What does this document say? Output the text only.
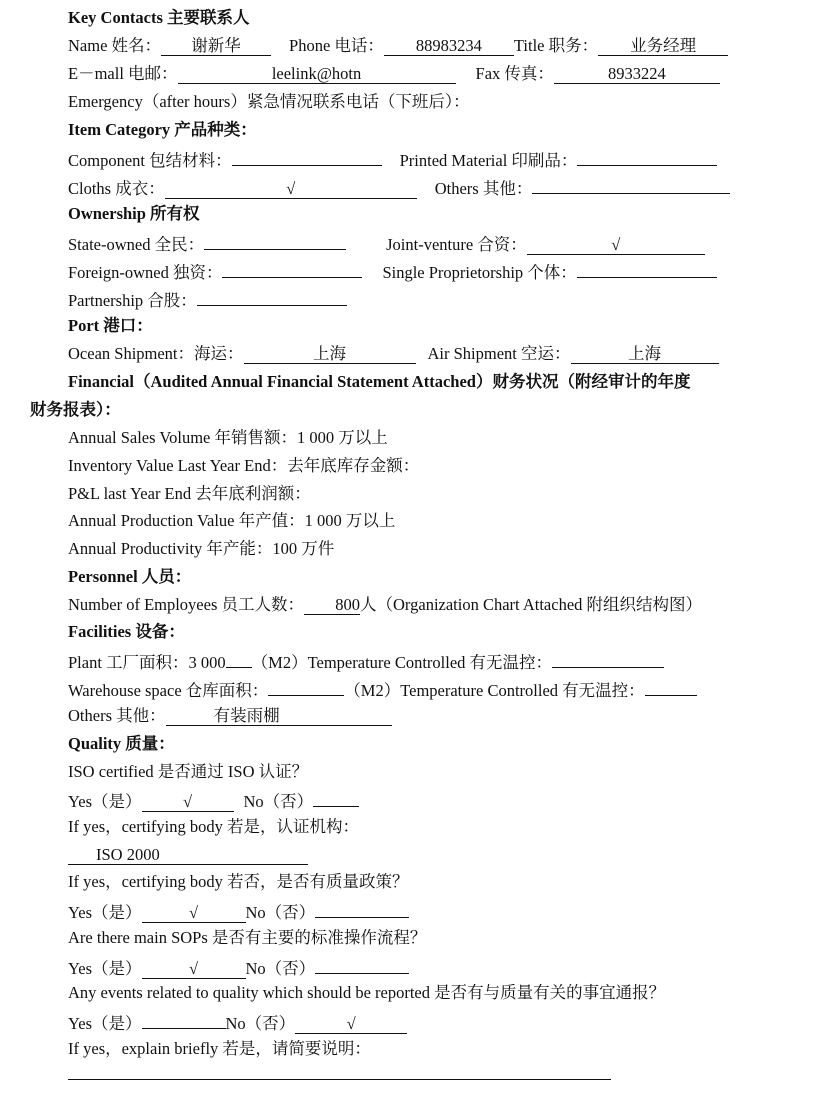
Key Contacts 主要联系人
Name 姓名： 谢新华	Phone 电话： 88983234 Title 职务： 业务经理
E－mall 电邮：	leelink@hotn	Fax 传真：	8933224
Emergency（after hours）紧急情况联系电话（下班后）：
Item Category 产品种类：
Component 包结材料：	Printed Material 印刷品：
Cloths 成衣：	√	Others 其他：
Ownership 所有权
State-owned 全民：	Joint-venture 合资：	√
Foreign-owned 独资：	Single Proprietorship 个体：
Partnership 合股：
Port 港口：
Ocean Shipment：海运：	上海	Air Shipment 空运：	上海
Financial（Audited Annual Financial Statement Attached）财务状况（附经审计的年度
财务报表）：
Annual Sales Volume 年销售额：1 000 万以上
Inventory Value Last Year End：去年底库存金额：
P&L last Year End 去年底利润额：
Annual Production Value 年产值：1 000 万以上
Annual Productivity 年产能：100 万件
Personnel 人员：
Number of Employees 员工人数： 800人（Organization Chart Attached 附组织结构图）
Facilities 设备：
Plant 工厂面积：3 000 （M2）Temperature Controlled 有无温控：
Warehouse space 仓库面积：	（M2）Temperature Controlled 有无温控：
Others 其他：	有装雨棚
Quality 质量：
ISO certified 是否通过 ISO 认证？
Yes（是）	√	No（否）
If yes，certifying body 若是，认证机构：
ISO 2000
If yes，certifying body 若否，是否有质量政策？
Yes（是）	√	No（否）
Are there main SOPs 是否有主要的标准操作流程？
Yes（是）	√	No（否）
Any events related to quality which should be reported 是否有与质量有关的事宜通报？
Yes（是）	No（否）	√
If yes，explain briefly 若是，请简要说明：
